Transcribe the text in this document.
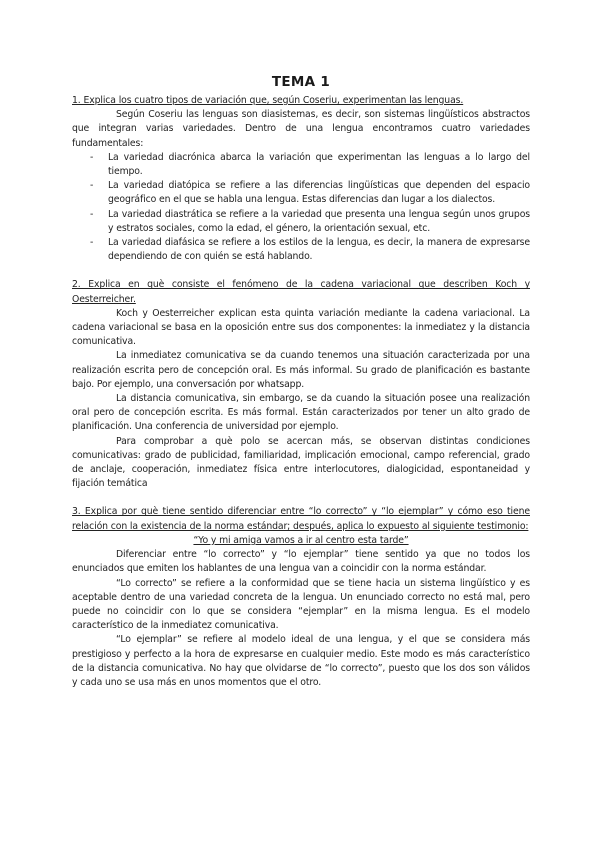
TEMA 1

1. Explica los cuatro tipos de variación que, según Coseriu, experimentan las lenguas.

Según Coseriu las lenguas son diasistemas, es decir, son sistemas lingüísticos abstractos que integran varias variedades. Dentro de una lengua encontramos cuatro variedades fundamentales:

- La variedad diacrónica abarca la variación que experimentan las lenguas a lo largo del tiempo.
- La variedad diatópica se refiere a las diferencias lingüísticas que dependen del espacio geográfico en el que se habla una lengua. Estas diferencias dan lugar a los dialectos.
- La variedad diastrática se refiere a la variedad que presenta una lengua según unos grupos y estratos sociales, como la edad, el género, la orientación sexual, etc.
- La variedad diafásica se refiere a los estilos de la lengua, es decir, la manera de expresarse dependiendo de con quién se está hablando.

2. Explica en què consiste el fenómeno de la cadena variacional que describen Koch y Oesterreicher.

Koch y Oesterreicher explican esta quinta variación mediante la cadena variacional. La cadena variacional se basa en la oposición entre sus dos componentes: la inmediatez y la distancia comunicativa.

La inmediatez comunicativa se da cuando tenemos una situación caracterizada por una realización escrita pero de concepción oral. Es más informal. Su grado de planificación es bastante bajo. Por ejemplo, una conversación por whatsapp.

La distancia comunicativa, sin embargo, se da cuando la situación posee una realización oral pero de concepción escrita. Es más formal. Están caracterizados por tener un alto grado de planificación. Una conferencia de universidad por ejemplo.

Para comprobar a què polo se acercan más, se observan distintas condiciones comunicativas: grado de publicidad, familiaridad, implicación emocional, campo referencial, grado de anclaje, cooperación, inmediatez física entre interlocutores, dialogicidad, espontaneidad y fijación temática

3. Explica por què tiene sentido diferenciar entre “lo correcto” y “lo ejemplar” y cómo eso tiene relación con la existencia de la norma estándar; después, aplica lo expuesto al siguiente testimonio:

“Yo y mi amiga vamos a ir al centro esta tarde”

Diferenciar entre “lo correcto” y “lo ejemplar” tiene sentido ya que no todos los enunciados que emiten los hablantes de una lengua van a coincidir con la norma estándar.

“Lo correcto” se refiere a la conformidad que se tiene hacia un sistema lingüístico y es aceptable dentro de una variedad concreta de la lengua. Un enunciado correcto no está mal, pero puede no coincidir con lo que se considera “ejemplar” en la misma lengua. Es el modelo característico de la inmediatez comunicativa.

“Lo ejemplar” se refiere al modelo ideal de una lengua, y el que se considera más prestigioso y perfecto a la hora de expresarse en cualquier medio. Este modo es más característico de la distancia comunicativa. No hay que olvidarse de “lo correcto”, puesto que los dos son válidos y cada uno se usa más en unos momentos que el otro.
